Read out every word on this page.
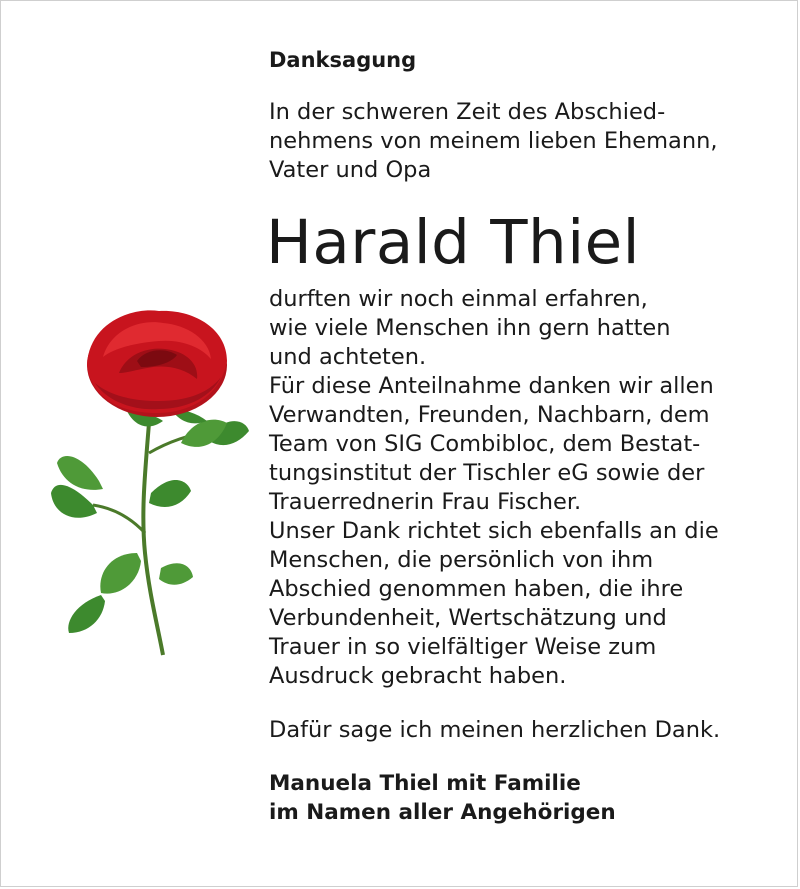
Danksagung

In der schweren Zeit des Abschied-
nehmens von meinem lieben Ehemann,
Vater und Opa

Harald Thiel

durften wir noch einmal erfahren,
wie viele Menschen ihn gern hatten
und achteten.
Für diese Anteilnahme danken wir allen
Verwandten, Freunden, Nachbarn, dem
Team von SIG Combibloc, dem Bestat-
tungsinstitut der Tischler eG sowie der
Trauerrednerin Frau Fischer.
Unser Dank richtet sich ebenfalls an die
Menschen, die persönlich von ihm
Abschied genommen haben, die ihre
Verbundenheit, Wertschätzung und
Trauer in so vielfältiger Weise zum
Ausdruck gebracht haben.

Dafür sage ich meinen herzlichen Dank.

Manuela Thiel mit Familie
im Namen aller Angehörigen
